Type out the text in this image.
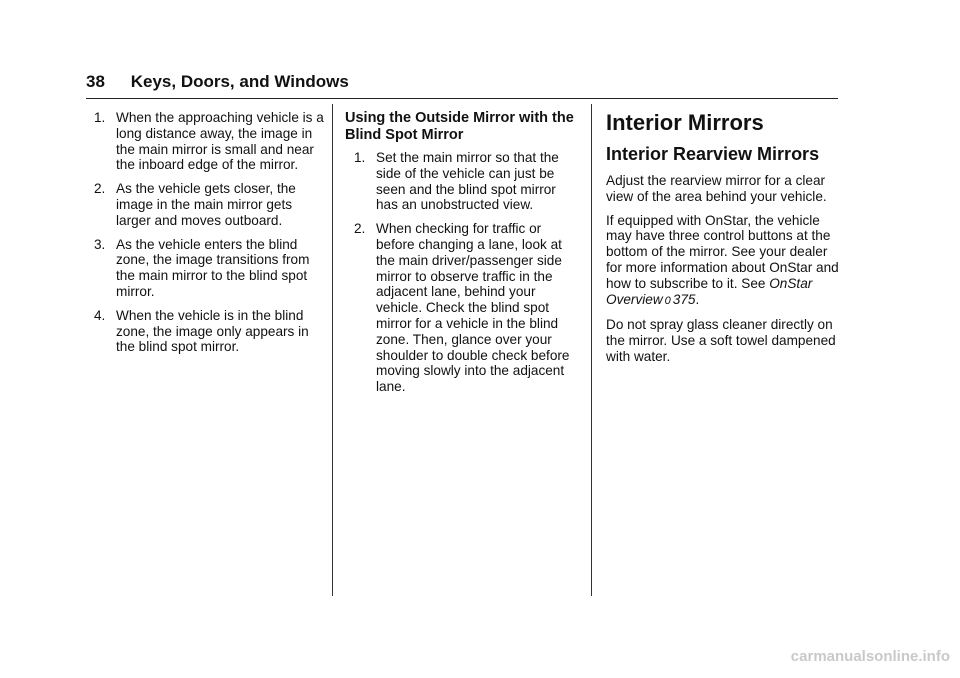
38 Keys, Doors, and Windows
1. When the approaching vehicle is a long distance away, the image in the main mirror is small and near the inboard edge of the mirror.
2. As the vehicle gets closer, the image in the main mirror gets larger and moves outboard.
3. As the vehicle enters the blind zone, the image transitions from the main mirror to the blind spot mirror.
4. When the vehicle is in the blind zone, the image only appears in the blind spot mirror.
Using the Outside Mirror with the Blind Spot Mirror
1. Set the main mirror so that the side of the vehicle can just be seen and the blind spot mirror has an unobstructed view.
2. When checking for traffic or before changing a lane, look at the main driver/passenger side mirror to observe traffic in the adjacent lane, behind your vehicle. Check the blind spot mirror for a vehicle in the blind zone. Then, glance over your shoulder to double check before moving slowly into the adjacent lane.
Interior Mirrors
Interior Rearview Mirrors

Adjust the rearview mirror for a clear view of the area behind your vehicle.

If equipped with OnStar, the vehicle may have three control buttons at the bottom of the mirror. See your dealer for more information about OnStar and how to subscribe to it. See OnStar Overview 0 375.

Do not spray glass cleaner directly on the mirror. Use a soft towel dampened with water.

carmanualsonline.info
